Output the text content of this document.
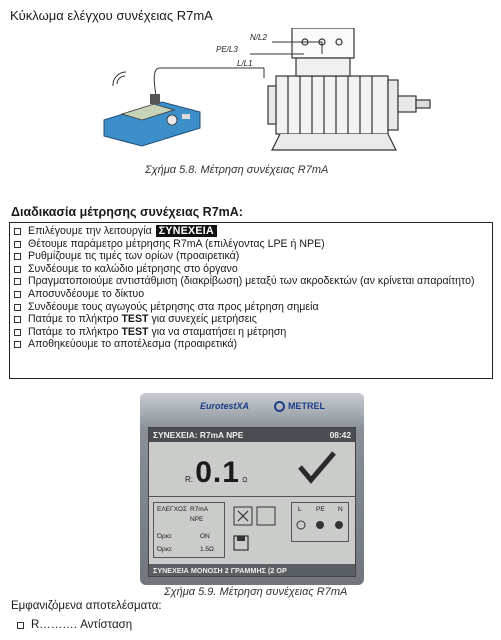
Κύκλωμα ελέγχου συνέχειας R7mA
N/L2
PE/L3
L/L1
Σχήμα 5.8. Μέτρηση συνέχειας R7mA
Διαδικασία μέτρησης συνέχειας R7mA:
Επιλέγουμε την λειτουργία ΣΥΝΕΧΕΙΑ
Θέτουμε παράμετρο μέτρησης R7mA (επιλέγοντας LPE ή NPE)
Ρυθμίζουμε τις τιμές των ορίων (προαιρετικά)
Συνδέουμε το καλώδιο μέτρησης στο όργανο
Πραγματοποιούμε αντιστάθμιση (διακρίβωση) μεταξύ των ακροδεκτών (αν κρίνεται απαραίτητο)
Αποσυνδέουμε το δίκτυο
Συνδέουμε τους αγωγούς μέτρησης στα προς μέτρηση σημεία
Πατάμε το πλήκτρο TEST για συνεχείς μετρήσεις
Πατάμε το πλήκτρο TEST για να σταματήσει η μέτρηση
Αποθηκεύουμε το αποτέλεσμα (προαιρετικά)
EurotestXA	METREL
ΣΥΝΕΧΕΙΑ: R7mA NPE	08:42
R: 0.1 Ω
ΕΛΕΓΧΟΣ R7mA
NPE
Όριο:	ON
Όριο:	1.5Ω
L PE N
ΣΥΝΕΧΕΙΑ ΜΟΝΟΣΗ 2 ΓΡΑΜΜΗΣ (2 ΟΡ
Σχήμα 5.9. Μέτρηση συνέχειας R7mA
Εμφανιζόμενα αποτελέσματα:
R………. Αντίσταση
